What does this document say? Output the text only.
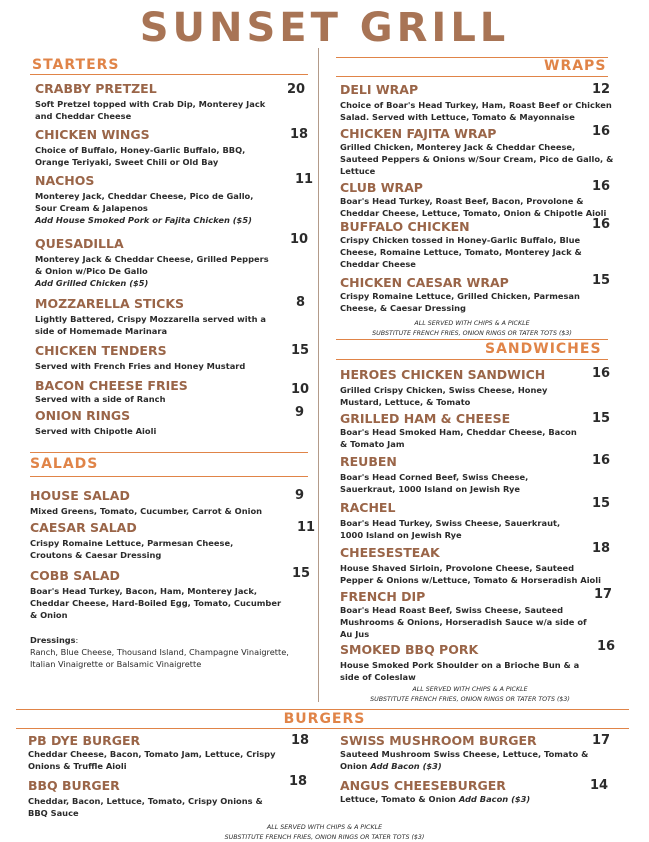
SUNSET GRILL
STARTERS
CRABBY PRETZEL
Soft Pretzel topped with Crab Dip, Monterey Jack and Cheddar Cheese
20
CHICKEN WINGS
Choice of Buffalo, Honey-Garlic Buffalo, BBQ, Orange Teriyaki, Sweet Chili or Old Bay
18
NACHOS
Monterey Jack, Cheddar Cheese, Pico de Gallo, Sour Cream & Jalapenos
Add House Smoked Pork or Fajita Chicken ($5)
11
QUESADILLA
Monterey Jack & Cheddar Cheese, Grilled Peppers & Onion w/Pico De Gallo
Add Grilled Chicken ($5)
10
MOZZARELLA STICKS
Lightly Battered, Crispy Mozzarella served with a side of Homemade Marinara
8
CHICKEN TENDERS
Served with French Fries and Honey Mustard
15
BACON CHEESE FRIES
Served with a side of Ranch
10
ONION RINGS
Served with Chipotle Aioli
9
SALADS
HOUSE SALAD
Mixed Greens, Tomato, Cucumber, Carrot & Onion
9
CAESAR SALAD
Crispy Romaine Lettuce, Parmesan Cheese, Croutons & Caesar Dressing
11
COBB SALAD
Boar's Head Turkey, Bacon, Ham, Monterey Jack, Cheddar Cheese, Hard-Boiled Egg, Tomato, Cucumber & Onion
15
Dressings:
Ranch, Blue Cheese, Thousand Island, Champagne Vinaigrette, Italian Vinaigrette or Balsamic Vinaigrette
WRAPS
DELI WRAP
Choice of Boar's Head Turkey, Ham, Roast Beef or Chicken Salad. Served with Lettuce, Tomato & Mayonnaise
12
CHICKEN FAJITA WRAP
Grilled Chicken, Monterey Jack & Cheddar Cheese, Sauteed Peppers & Onions w/Sour Cream, Pico de Gallo, & Lettuce
16
CLUB WRAP
Boar's Head Turkey, Roast Beef, Bacon, Provolone & Cheddar Cheese, Lettuce, Tomato, Onion & Chipotle Aioli
16
BUFFALO CHICKEN
Crispy Chicken tossed in Honey-Garlic Buffalo, Blue Cheese, Romaine Lettuce, Tomato, Monterey Jack & Cheddar Cheese
16
CHICKEN CAESAR WRAP
Crispy Romaine Lettuce, Grilled Chicken, Parmesan Cheese, & Caesar Dressing
15
ALL SERVED WITH CHIPS & A PICKLE
SUBSTITUTE FRENCH FRIES, ONION RINGS OR TATER TOTS ($3)
SANDWICHES
HEROES CHICKEN SANDWICH
Grilled Crispy Chicken, Swiss Cheese, Honey Mustard, Lettuce, & Tomato
16
GRILLED HAM & CHEESE
Boar's Head Smoked Ham, Cheddar Cheese, Bacon & Tomato Jam
15
REUBEN
Boar's Head Corned Beef, Swiss Cheese, Sauerkraut, 1000 Island on Jewish Rye
16
RACHEL
Boar's Head Turkey, Swiss Cheese, Sauerkraut, 1000 Island on Jewish Rye
15
CHEESESTEAK
House Shaved Sirloin, Provolone Cheese, Sauteed Pepper & Onions w/Lettuce, Tomato & Horseradish Aioli
18
FRENCH DIP
Boar's Head Roast Beef, Swiss Cheese, Sauteed Mushrooms & Onions, Horseradish Sauce w/a side of Au Jus
17
SMOKED BBQ PORK
House Smoked Pork Shoulder on a Brioche Bun & a side of Coleslaw
16
ALL SERVED WITH CHIPS & A PICKLE
SUBSTITUTE FRENCH FRIES, ONION RINGS OR TATER TOTS ($3)
BURGERS
PB DYE BURGER
Cheddar Cheese, Bacon, Tomato Jam, Lettuce, Crispy Onions & Truffle Aioli
18
BBQ BURGER
Cheddar, Bacon, Lettuce, Tomato, Crispy Onions & BBQ Sauce
18
SWISS MUSHROOM BURGER
Sauteed Mushroom Swiss Cheese, Lettuce, Tomato & Onion Add Bacon ($3)
17
ANGUS CHEESEBURGER
Lettuce, Tomato & Onion Add Bacon ($3)
14
ALL SERVED WITH CHIPS & A PICKLE
SUBSTITUTE FRENCH FRIES, ONION RINGS OR TATER TOTS ($3)
